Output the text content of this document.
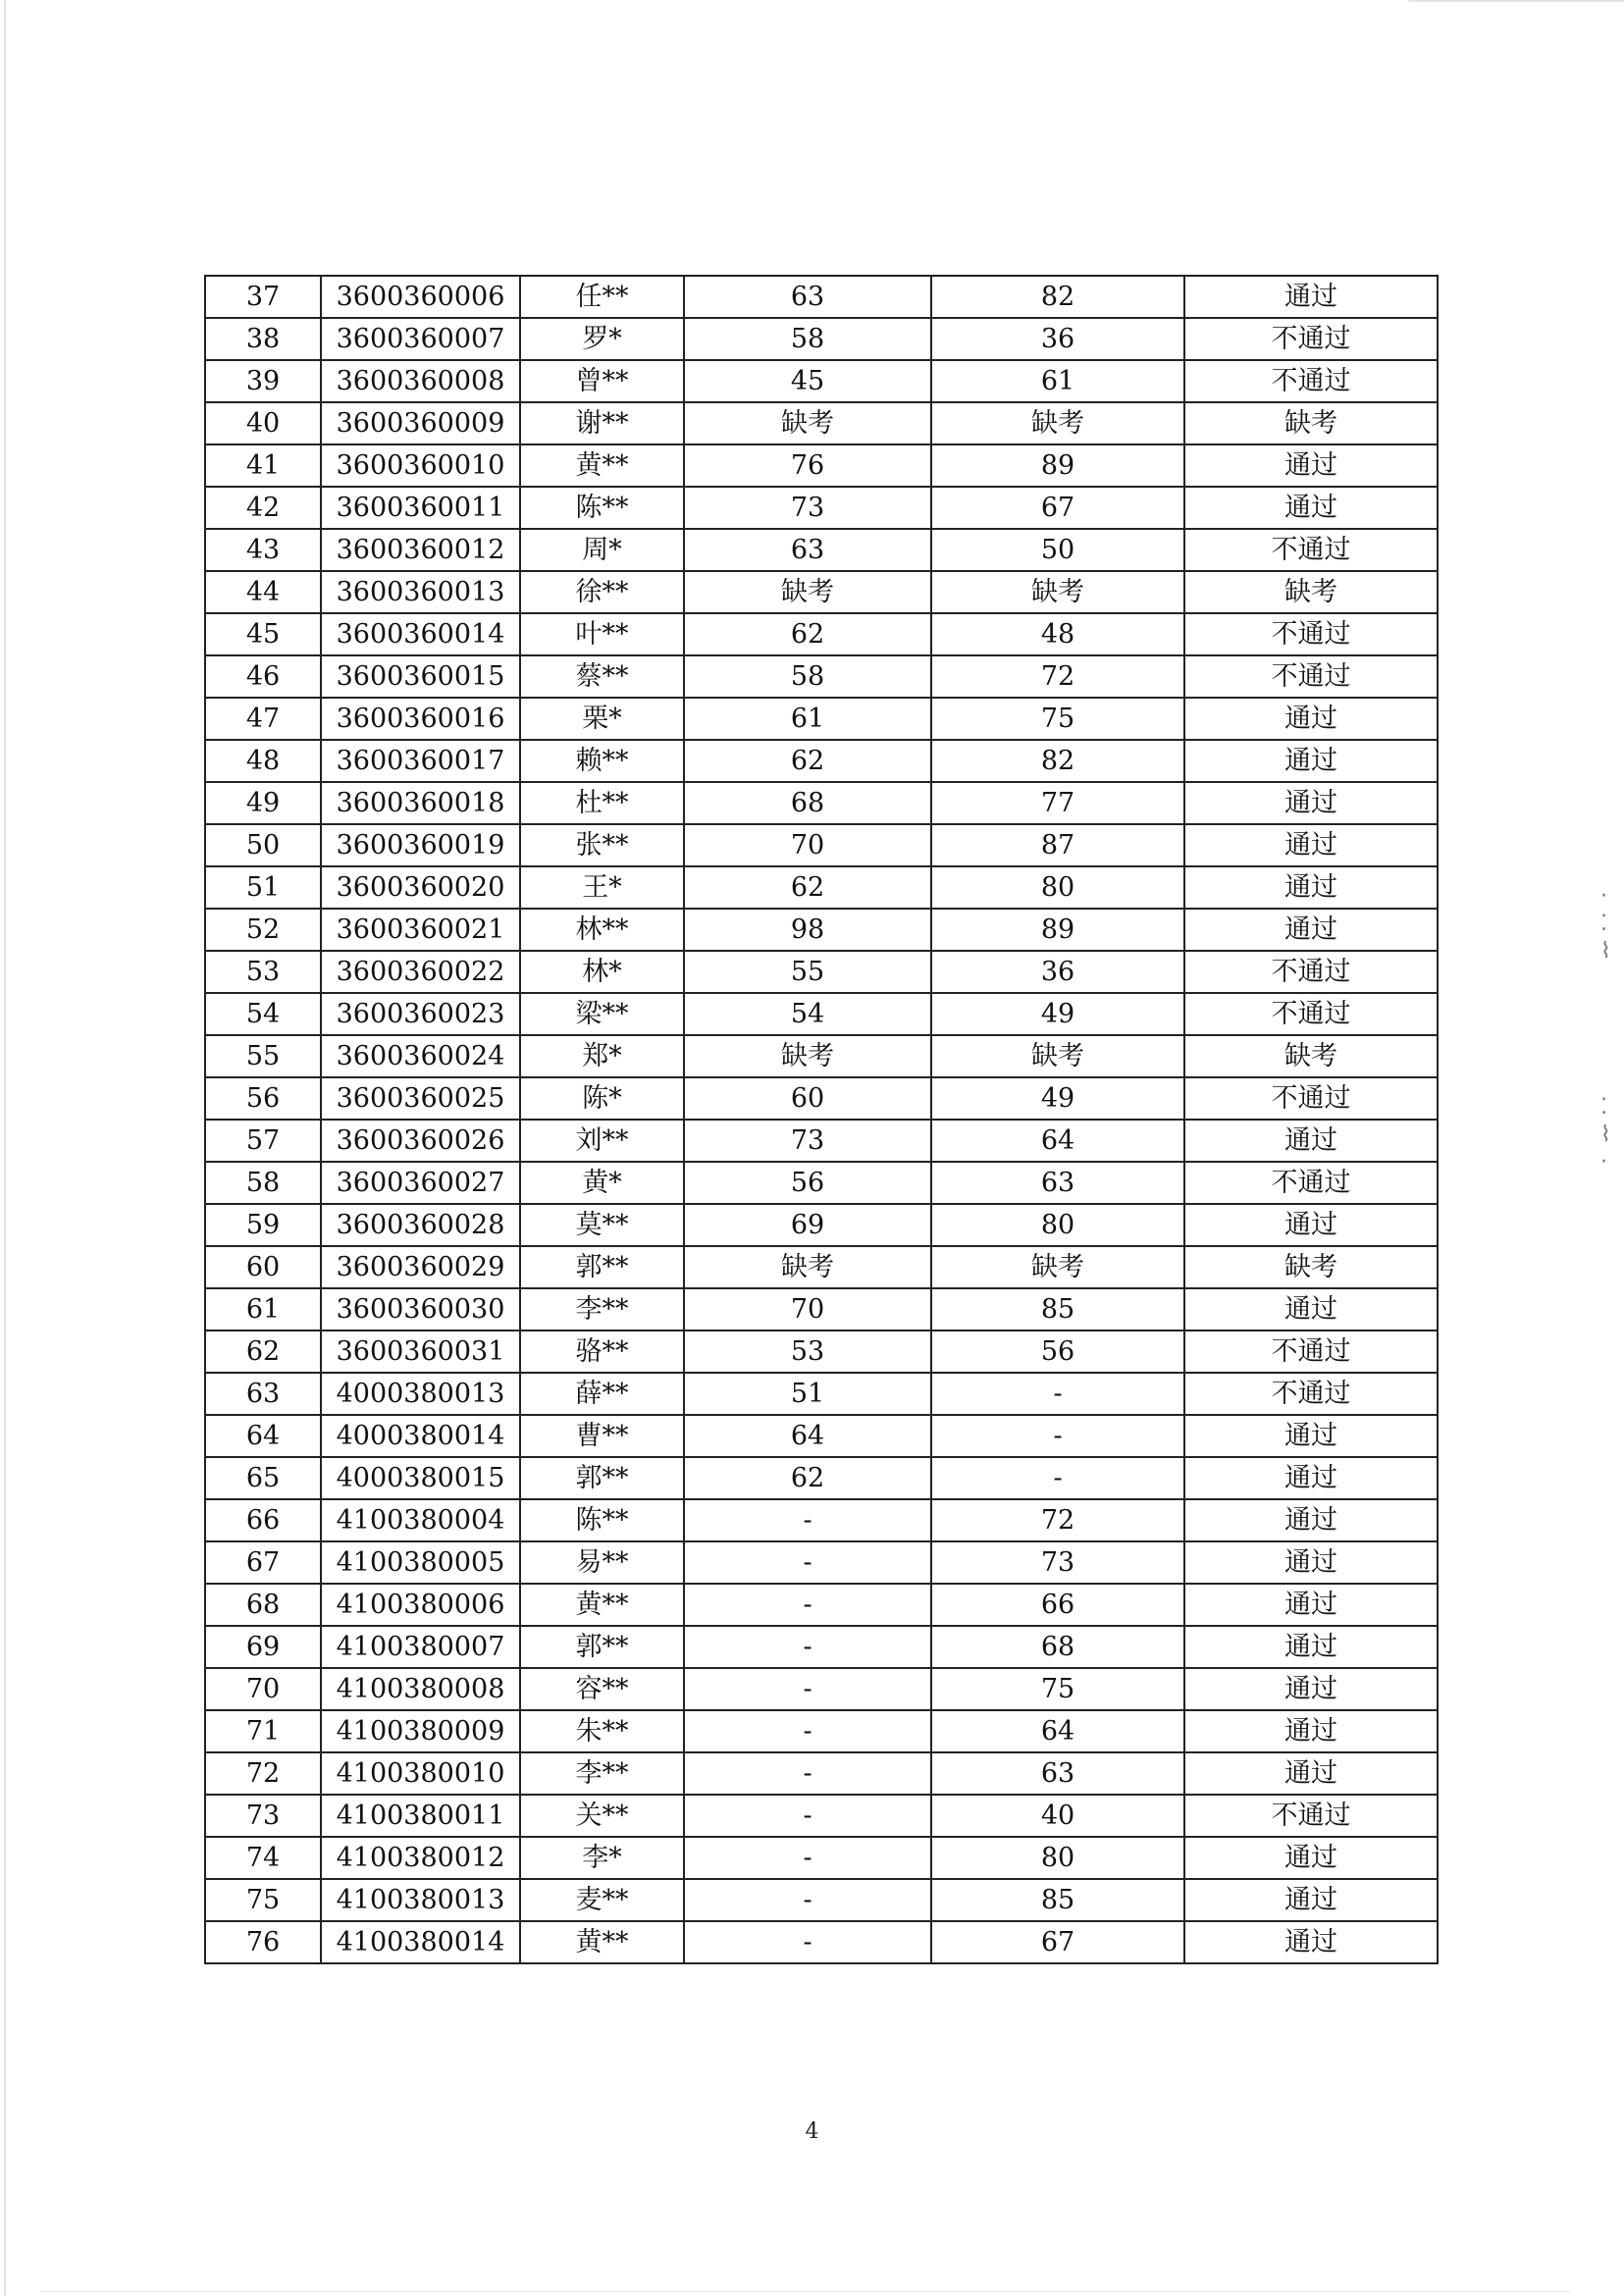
·
⁚
⌇
⁚
⌇
·
37	3600360006	任**	63	82	通过
38	3600360007	罗*	58	36	不通过
39	3600360008	曾**	45	61	不通过
40	3600360009	谢**	缺考	缺考	缺考
41	3600360010	黄**	76	89	通过
42	3600360011	陈**	73	67	通过
43	3600360012	周*	63	50	不通过
44	3600360013	徐**	缺考	缺考	缺考
45	3600360014	叶**	62	48	不通过
46	3600360015	蔡**	58	72	不通过
47	3600360016	栗*	61	75	通过
48	3600360017	赖**	62	82	通过
49	3600360018	杜**	68	77	通过
50	3600360019	张**	70	87	通过
51	3600360020	王*	62	80	通过
52	3600360021	林**	98	89	通过
53	3600360022	林*	55	36	不通过
54	3600360023	梁**	54	49	不通过
55	3600360024	郑*	缺考	缺考	缺考
56	3600360025	陈*	60	49	不通过
57	3600360026	刘**	73	64	通过
58	3600360027	黄*	56	63	不通过
59	3600360028	莫**	69	80	通过
60	3600360029	郭**	缺考	缺考	缺考
61	3600360030	李**	70	85	通过
62	3600360031	骆**	53	56	不通过
63	4000380013	薛**	51	-	不通过
64	4000380014	曹**	64	-	通过
65	4000380015	郭**	62	-	通过
66	4100380004	陈**	-	72	通过
67	4100380005	易**	-	73	通过
68	4100380006	黄**	-	66	通过
69	4100380007	郭**	-	68	通过
70	4100380008	容**	-	75	通过
71	4100380009	朱**	-	64	通过
72	4100380010	李**	-	63	通过
73	4100380011	关**	-	40	不通过
74	4100380012	李*	-	80	通过
75	4100380013	麦**	-	85	通过
76	4100380014	黄**	-	67	通过
4
